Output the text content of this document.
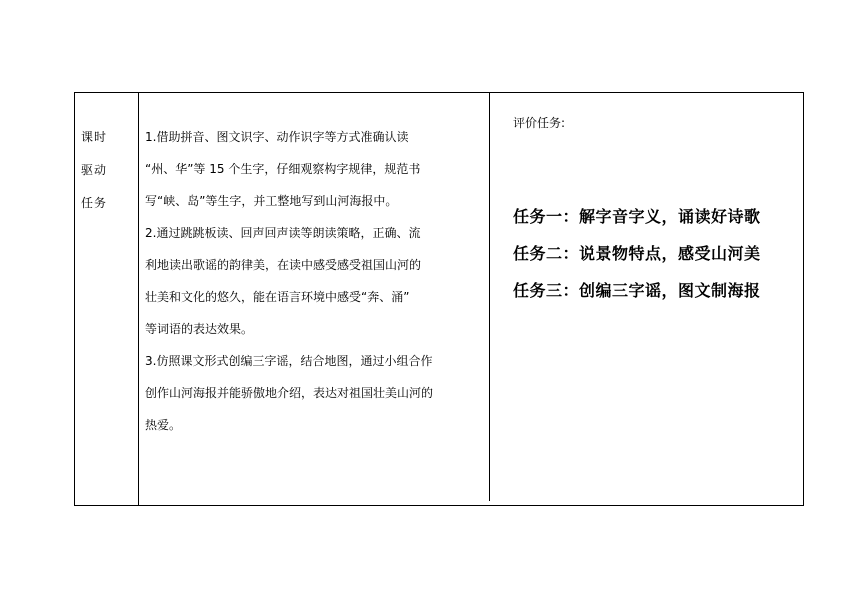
课时
驱动
任务
1.借助拼音、图文识字、动作识字等方式准确认读
“州、华”等 15 个生字，仔细观察构字规律，规范书
写“峡、岛”等生字，并工整地写到山河海报中。
2.通过跳跳板读、回声回声读等朗读策略，正确、流
利地读出歌谣的韵律美，在读中感受感受祖国山河的
壮美和文化的悠久，能在语言环境中感受“奔、涌”
等词语的表达效果。
3.仿照课文形式创编三字谣，结合地图，通过小组合作
创作山河海报并能骄傲地介绍，表达对祖国壮美山河的
热爱。
评价任务:
任务一：解字音字义，诵读好诗歌
任务二：说景物特点，感受山河美
任务三：创编三字谣，图文制海报
